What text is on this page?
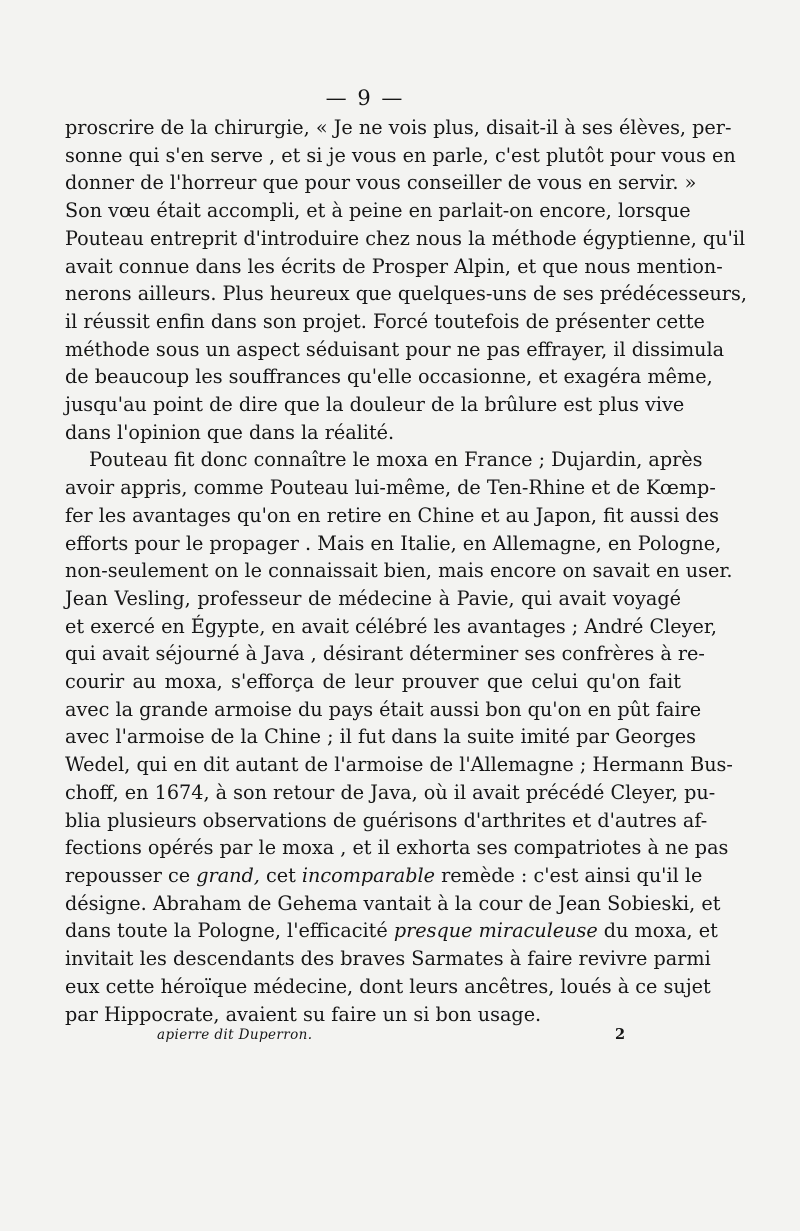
— 9 —
proscrire de la chirurgie, « Je ne vois plus, disait-il à ses élèves, per-
sonne qui s'en serve , et si je vous en parle, c'est plutôt pour vous en
donner de l'horreur que pour vous conseiller de vous en servir. »
Son vœu était accompli, et à peine en parlait-on encore, lorsque
Pouteau entreprit d'introduire chez nous la méthode égyptienne, qu'il
avait connue dans les écrits de Prosper Alpin, et que nous mention-
nerons ailleurs. Plus heureux que quelques-uns de ses prédécesseurs,
il réussit enfin dans son projet. Forcé toutefois de présenter cette
méthode sous un aspect séduisant pour ne pas effrayer, il dissimula
de beaucoup les souffrances qu'elle occasionne, et exagéra même,
jusqu'au point de dire que la douleur de la brûlure est plus vive
dans l'opinion que dans la réalité.
Pouteau fit donc connaître le moxa en France ; Dujardin, après
avoir appris, comme Pouteau lui-même, de Ten-Rhine et de Kœmp-
fer les avantages qu'on en retire en Chine et au Japon, fit aussi des
efforts pour le propager . Mais en Italie, en Allemagne, en Pologne,
non-seulement on le connaissait bien, mais encore on savait en user.
Jean Vesling, professeur de médecine à Pavie, qui avait voyagé
et exercé en Égypte, en avait célébré les avantages ; André Cleyer,
qui avait séjourné à Java , désirant déterminer ses confrères à re-
courir au moxa, s'efforça de leur prouver que celui qu'on fait
avec la grande armoise du pays était aussi bon qu'on en pût faire
avec l'armoise de la Chine ; il fut dans la suite imité par Georges
Wedel, qui en dit autant de l'armoise de l'Allemagne ; Hermann Bus-
choff, en 1674, à son retour de Java, où il avait précédé Cleyer, pu-
blia plusieurs observations de guérisons d'arthrites et d'autres af-
fections opérés par le moxa , et il exhorta ses compatriotes à ne pas
repousser ce grand, cet incomparable remède : c'est ainsi qu'il le
désigne. Abraham de Gehema vantait à la cour de Jean Sobieski, et
dans toute la Pologne, l'efficacité presque miraculeuse du moxa, et
invitait les descendants des braves Sarmates à faire revivre parmi
eux cette héroïque médecine, dont leurs ancêtres, loués à ce sujet
par Hippocrate, avaient su faire un si bon usage.
apierre dit Duperron.	2
